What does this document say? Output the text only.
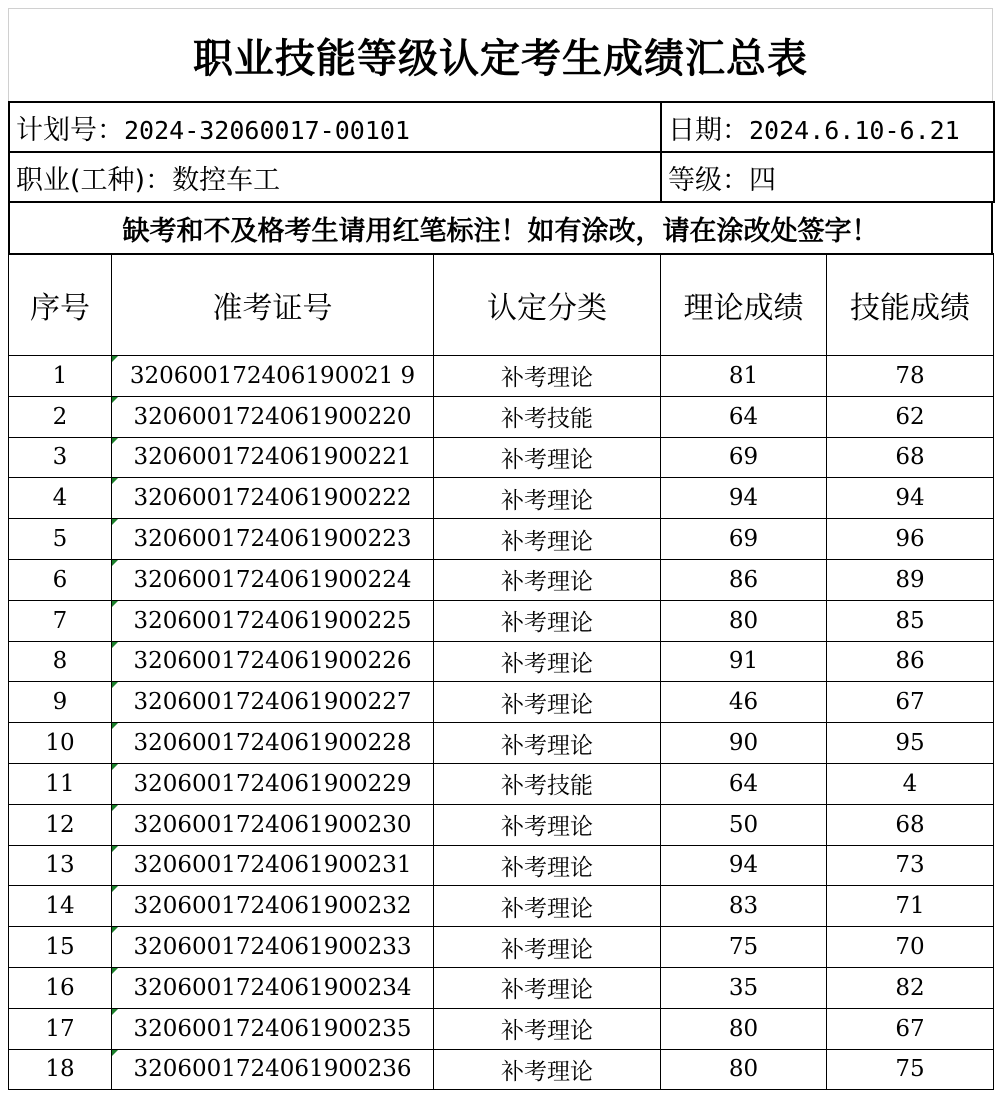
职业技能等级认定考生成绩汇总表
计划号：2024-32060017-00101	日期：2024.6.10-6.21
职业(工种)：数控车工	等级：四
缺考和不及格考生请用红笔标注！如有涂改，请在涂改处签字！
序号	准考证号	认定分类	理论成绩	技能成绩
1	320600172406190021 9	补考理论	81	78
2	3206001724061900220	补考技能	64	62
3	3206001724061900221	补考理论	69	68
4	3206001724061900222	补考理论	94	94
5	3206001724061900223	补考理论	69	96
6	3206001724061900224	补考理论	86	89
7	3206001724061900225	补考理论	80	85
8	3206001724061900226	补考理论	91	86
9	3206001724061900227	补考理论	46	67
10	3206001724061900228	补考理论	90	95
11	3206001724061900229	补考技能	64	4
12	3206001724061900230	补考理论	50	68
13	3206001724061900231	补考理论	94	73
14	3206001724061900232	补考理论	83	71
15	3206001724061900233	补考理论	75	70
16	3206001724061900234	补考理论	35	82
17	3206001724061900235	补考理论	80	67
18	3206001724061900236	补考理论	80	75
